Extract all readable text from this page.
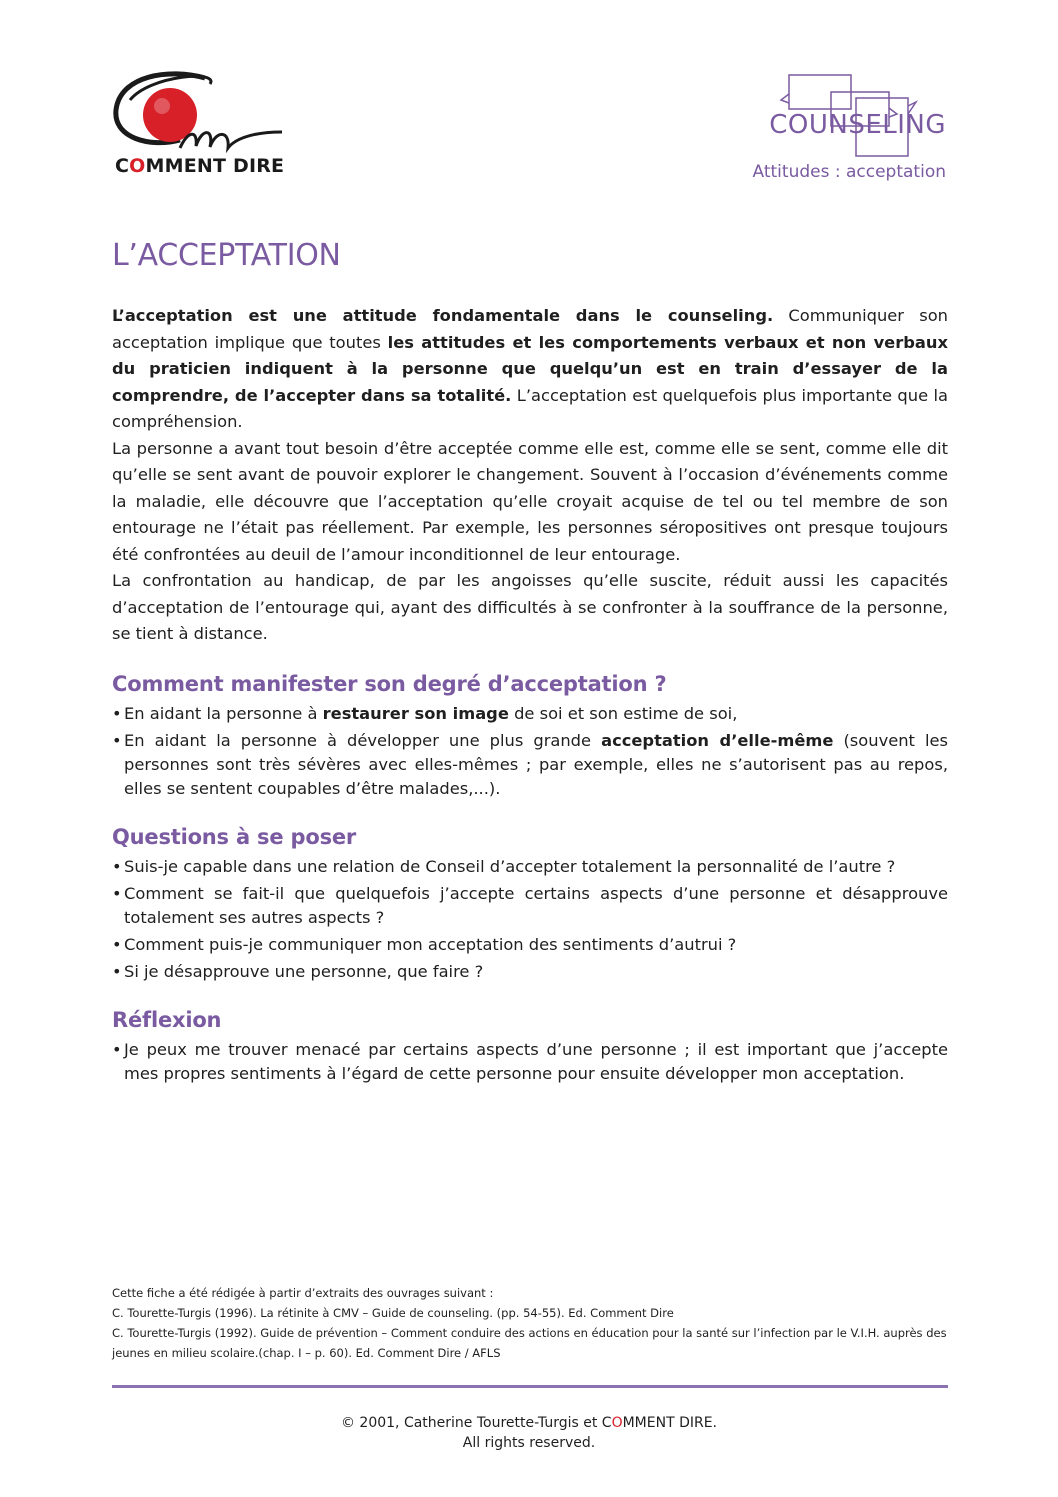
COMMENT DIRE
COUNSELING
Attitudes : acceptation
L’ACCEPTATION

L’acceptation est une attitude fondamentale dans le counseling. Communiquer son acceptation implique que toutes les attitudes et les comportements verbaux et non verbaux du praticien indiquent à la personne que quelqu’un est en train d’essayer de la comprendre, de l’accepter dans sa totalité. L’acceptation est quelquefois plus importante que la compréhension.

La personne a avant tout besoin d’être acceptée comme elle est, comme elle se sent, comme elle dit qu’elle se sent avant de pouvoir explorer le changement. Souvent à l’occasion d’événements comme la maladie, elle découvre que l’acceptation qu’elle croyait acquise de tel ou tel membre de son entourage ne l’était pas réellement. Par exemple, les personnes séropositives ont presque toujours été confrontées au deuil de l’amour inconditionnel de leur entourage.

La confrontation au handicap, de par les angoisses qu’elle suscite, réduit aussi les capacités d’acceptation de l’entourage qui, ayant des difficultés à se confronter à la souffrance de la personne, se tient à distance.

Comment manifester son degré d’acceptation ?
• En aidant la personne à restaurer son image de soi et son estime de soi,
• En aidant la personne à développer une plus grande acceptation d’elle-même (souvent les personnes sont très sévères avec elles-mêmes ; par exemple, elles ne s’autorisent pas au repos, elles se sentent coupables d’être malades,...).
Questions à se poser
• Suis-je capable dans une relation de Conseil d’accepter totalement la personnalité de l’autre ?
• Comment se fait-il que quelquefois j’accepte certains aspects d’une personne et désapprouve totalement ses autres aspects ?
• Comment puis-je communiquer mon acceptation des sentiments d’autrui ?
• Si je désapprouve une personne, que faire ?
Réflexion
• Je peux me trouver menacé par certains aspects d’une personne ; il est important que j’accepte mes propres sentiments à l’égard de cette personne pour ensuite développer mon acceptation.
Cette fiche a été rédigée à partir d’extraits des ouvrages suivant :
C. Tourette-Turgis (1996). La rétinite à CMV – Guide de counseling. (pp. 54-55). Ed. Comment Dire
C. Tourette-Turgis (1992). Guide de prévention – Comment conduire des actions en éducation pour la santé sur l’infection par le V.I.H. auprès des jeunes en milieu scolaire.(chap. I – p. 60). Ed. Comment Dire / AFLS
© 2001, Catherine Tourette-Turgis et COMMENT DIRE.
All rights reserved.
